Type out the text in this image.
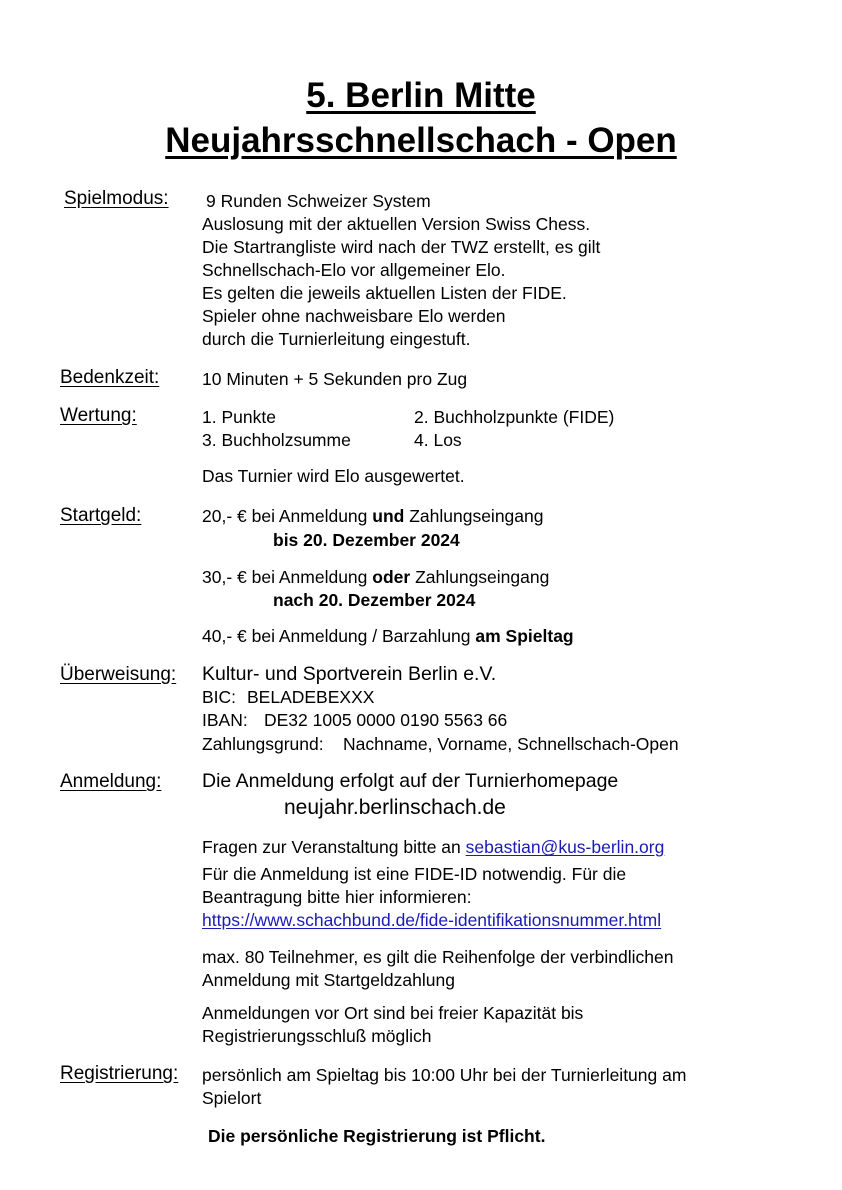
5. Berlin Mitte
Neujahrsschnellschach - Open
Spielmodus: 9 Runden Schweizer System
Auslosung mit der aktuellen Version Swiss Chess.
Die Startrangliste wird nach der TWZ erstellt, es gilt
Schnellschach-Elo vor allgemeiner Elo.
Es gelten die jeweils aktuellen Listen der FIDE.
Spieler ohne nachweisbare Elo werden
durch die Turnierleitung eingestuft.
Bedenkzeit: 10 Minuten + 5 Sekunden pro Zug
Wertung:	1. Punkte	2. Buchholzpunkte (FIDE)
3. Buchholzsumme	4. Los
Das Turnier wird Elo ausgewertet.
Startgeld:	20,- € bei Anmeldung und Zahlungseingang
bis 20. Dezember 2024
30,- € bei Anmeldung oder Zahlungseingang
nach 20. Dezember 2024
40,- € bei Anmeldung / Barzahlung am Spieltag
Überweisung: Kultur- und Sportverein Berlin e.V.
BIC: BELADEBEXXX
IBAN: DE32 1005 0000 0190 5563 66
Zahlungsgrund: Nachname, Vorname, Schnellschach-Open
Anmeldung: Die Anmeldung erfolgt auf der Turnierhomepage
neujahr.berlinschach.de
Fragen zur Veranstaltung bitte an sebastian@kus-berlin.org
Für die Anmeldung ist eine FIDE-ID notwendig. Für die
Beantragung bitte hier informieren:
https://www.schachbund.de/fide-identifikationsnummer.html
max. 80 Teilnehmer, es gilt die Reihenfolge der verbindlichen
Anmeldung mit Startgeldzahlung
Anmeldungen vor Ort sind bei freier Kapazität bis
Registrierungsschluß möglich
Registrierung: persönlich am Spieltag bis 10:00 Uhr bei der Turnierleitung am
Spielort
Die persönliche Registrierung ist Pflicht.
